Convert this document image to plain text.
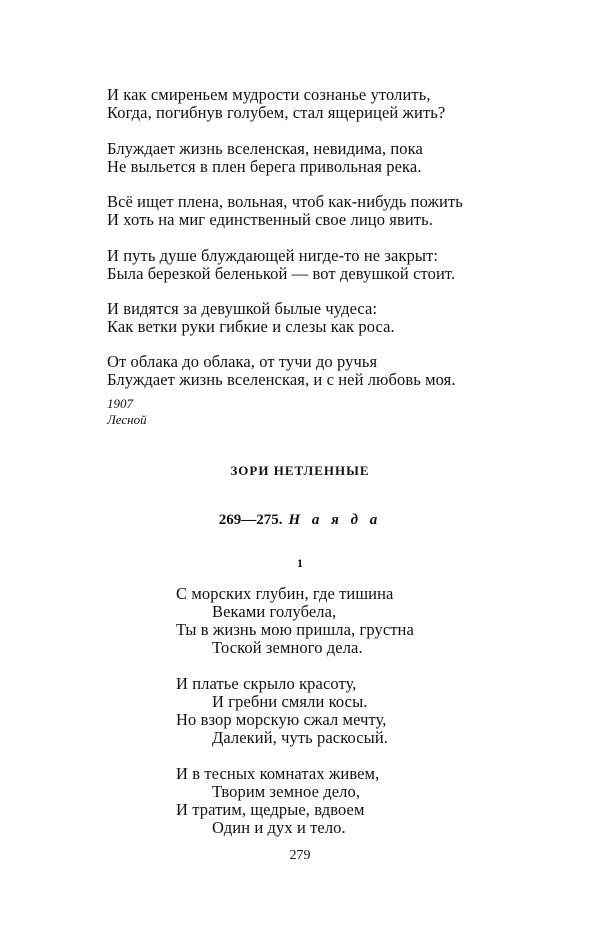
И как смиреньем мудрости сознанье утолить,
Когда, погибнув голубем, стал ящерицей жить?
Блуждает жизнь вселенская, невидима, пока
Не выльется в плен берега привольная река.
Всё ищет плена, вольная, чтоб как-нибудь пожить
И хоть на миг единственный свое лицо явить.
И путь душе блуждающей нигде-то не закрыт:
Была березкой беленькой — вот девушкой стоит.
И видятся за девушкой былые чудеса:
Как ветки руки гибкие и слезы как роса.
От облака до облака, от тучи до ручья
Блуждает жизнь вселенская, и с ней любовь моя.
1907
Лесной
ЗОРИ НЕТЛЕННЫЕ
269—275. Н а я д а
1
С морских глубин, где тишина
Веками голубела,
Ты в жизнь мою пришла, грустна
Тоской земного дела.
И платье скрыло красоту,
И гребни смяли косы.
Но взор морскую сжал мечту,
Далекий, чуть раскосый.
И в тесных комнатах живем,
Творим земное дело,
И тратим, щедрые, вдвоем
Один и дух и тело.
279
